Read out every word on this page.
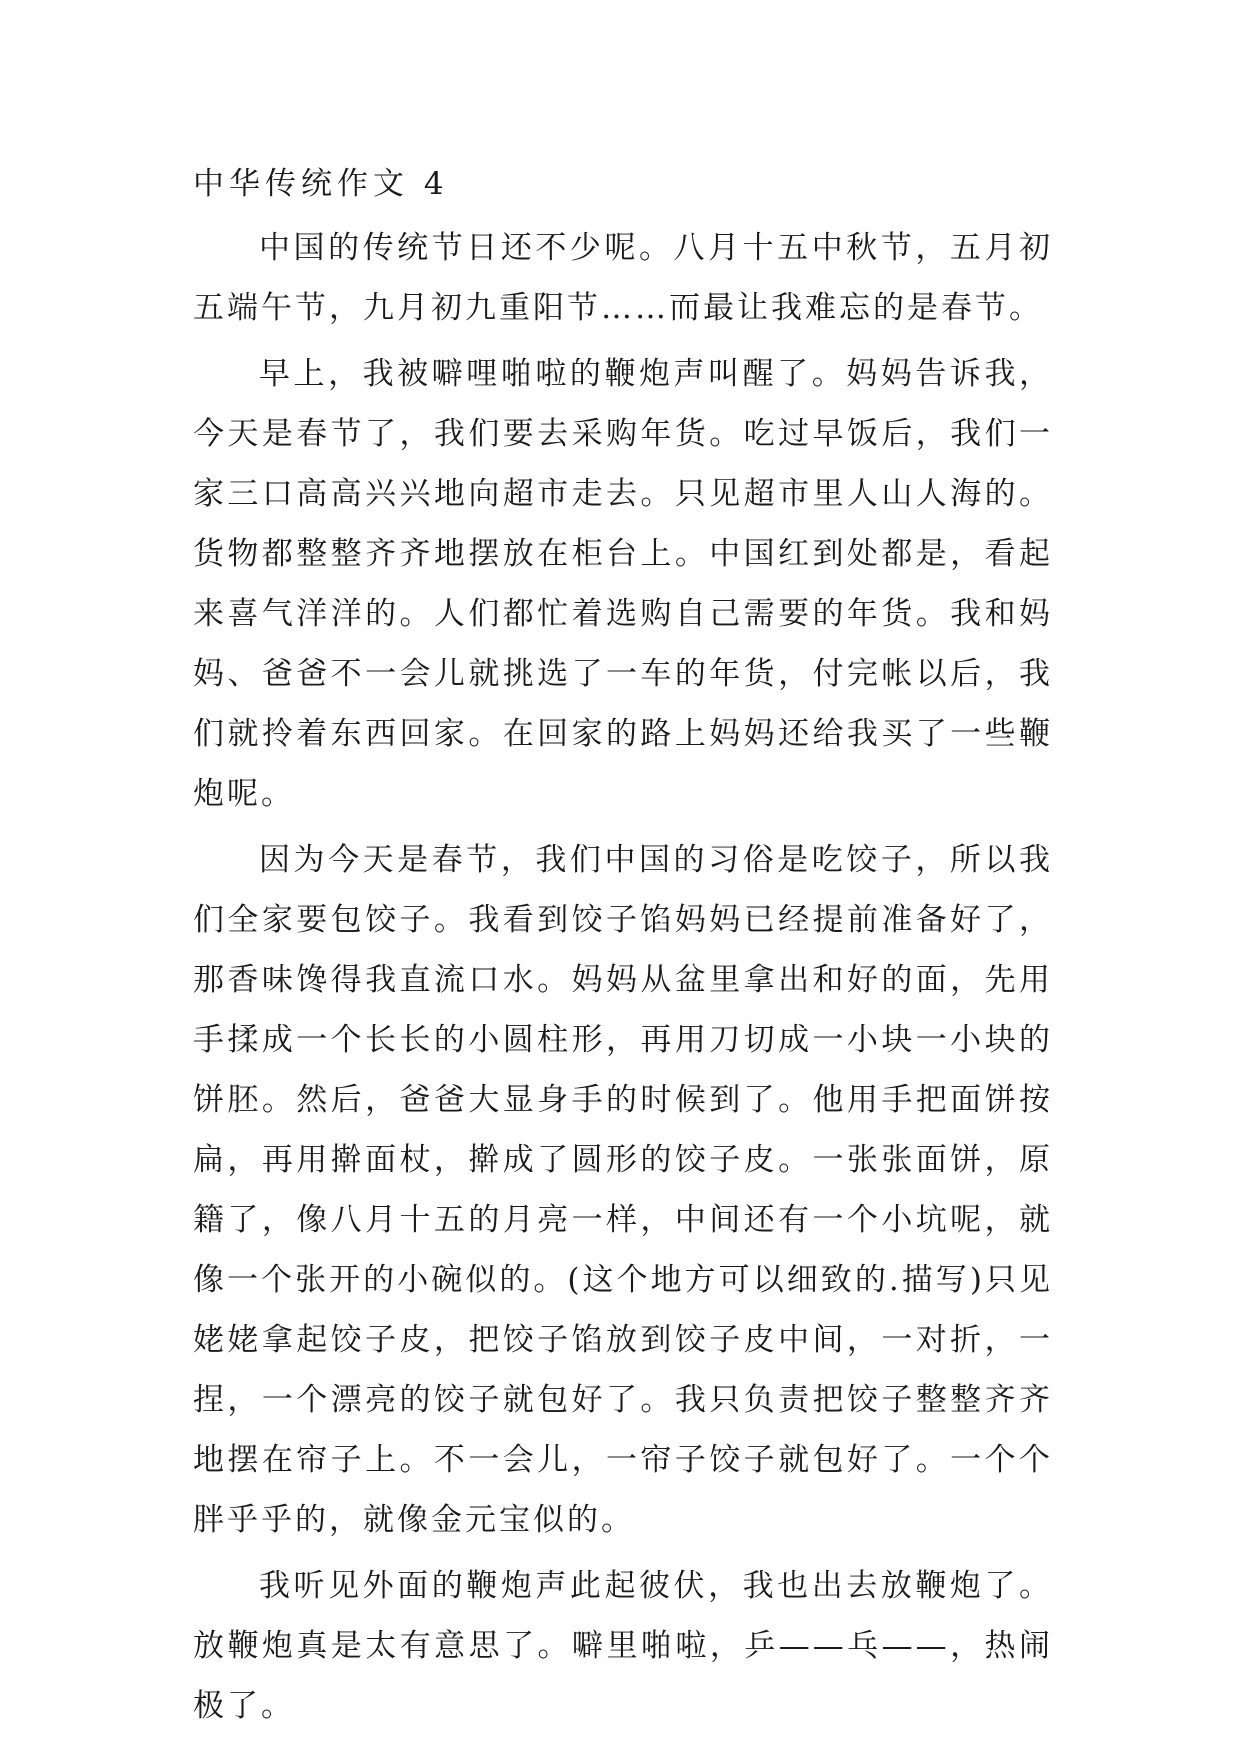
中华传统作文 4

中国的传统节日还不少呢。八月十五中秋节，五月初五端午节，九月初九重阳节……而最让我难忘的是春节。

早上，我被噼哩啪啦的鞭炮声叫醒了。妈妈告诉我，今天是春节了，我们要去采购年货。吃过早饭后，我们一家三口高高兴兴地向超市走去。只见超市里人山人海的。货物都整整齐齐地摆放在柜台上。中国红到处都是，看起来喜气洋洋的。人们都忙着选购自己需要的年货。我和妈妈、爸爸不一会儿就挑选了一车的年货，付完帐以后，我们就拎着东西回家。在回家的路上妈妈还给我买了一些鞭炮呢。

因为今天是春节，我们中国的习俗是吃饺子，所以我们全家要包饺子。我看到饺子馅妈妈已经提前准备好了，那香味馋得我直流口水。妈妈从盆里拿出和好的面，先用手揉成一个长长的小圆柱形，再用刀切成一小块一小块的饼胚。然后，爸爸大显身手的时候到了。他用手把面饼按扁，再用擀面杖，擀成了圆形的饺子皮。一张张面饼，原籍了，像八月十五的月亮一样，中间还有一个小坑呢，就像一个张开的小碗似的。(这个地方可以细致的.描写)只见姥姥拿起饺子皮，把饺子馅放到饺子皮中间，一对折，一捏，一个漂亮的饺子就包好了。我只负责把饺子整整齐齐地摆在帘子上。不一会儿，一帘子饺子就包好了。一个个胖乎乎的，就像金元宝似的。

我听见外面的鞭炮声此起彼伏，我也出去放鞭炮了。放鞭炮真是太有意思了。噼里啪啦，乒——乓——，热闹极了。
